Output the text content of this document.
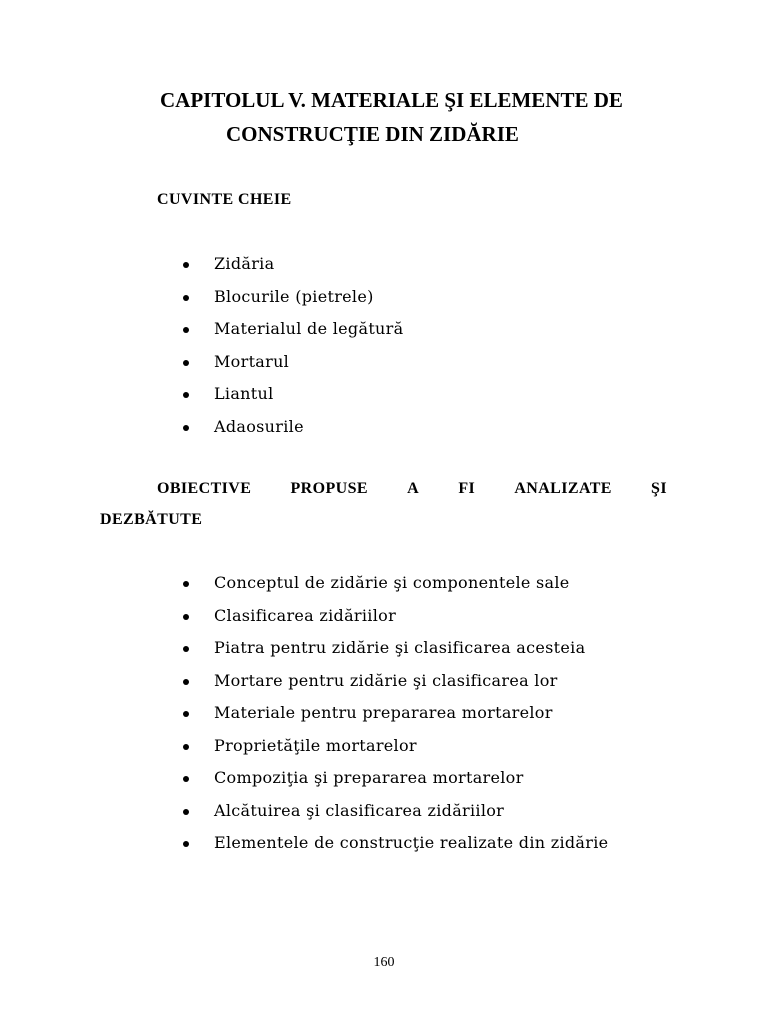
CAPITOLUL V. MATERIALE ŞI ELEMENTE DE
CONSTRUCŢIE DIN ZIDĂRIE
CUVINTE CHEIE
Zidăria
Blocurile (pietrele)
Materialul de legătură
Mortarul
Liantul
Adaosurile
OBIECTIVE PROPUSE A FI ANALIZATE ŞI
DEZBĂTUTE
Conceptul de zidărie şi componentele sale
Clasificarea zidăriilor
Piatra pentru zidărie şi clasificarea acesteia
Mortare pentru zidărie şi clasificarea lor
Materiale pentru prepararea mortarelor
Proprietăţile mortarelor
Compoziţia şi prepararea mortarelor
Alcătuirea şi clasificarea zidăriilor
Elementele de construcţie realizate din zidărie
160
